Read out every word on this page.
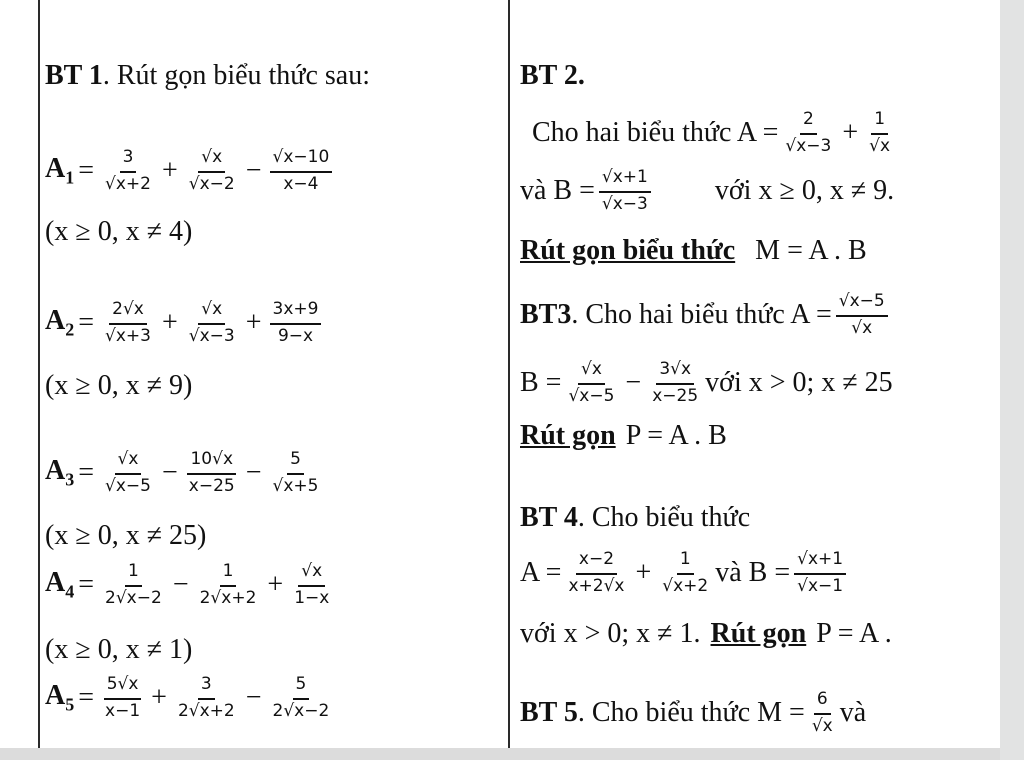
BT 1 . Rút gọn biểu thức sau:
$A_1 = \frac{3}{√x+2} + \frac{√x}{√x-2} - \frac{√x-10}{x-4}$
(x ≥ 0, x ≠ 4)
$A_2 = \frac{2√x}{√x+3} + \frac{√x}{√x-3} + \frac{3x+9}{9-x}$
(x ≥ 0, x ≠ 9)
$A_3 = \frac{√x}{√x-5} - \frac{10√x}{x-25} - \frac{5}{√x+5}$
(x ≥ 0, x ≠ 25)
$A_4 = \frac{1}{2√x-2} - \frac{1}{2√x+2} + \frac{√x}{1-x}$
(x ≥ 0, x ≠ 1)
$A_5 = \frac{5√x}{x-1} + \frac{3}{2√x+2} - \frac{5}{2√x-2}$
BT 2.
Cho hai biểu thức $A = \frac{2}{√x-3} + \frac{1}{√x}$
và $B = \frac{√x+1}{√x-3}$ với x ≥ 0, x ≠ 9.
Rút gọn biểu thức M = A . B
BT3 . Cho hai biểu thức $A = \frac{√x-5}{√x}$
$B = \frac{√x}{√x-5} - \frac{3√x}{x-25}$ với x > 0; x ≠ 25
Rút gọn P = A . B
BT 4 . Cho biểu thức
$A = \frac{x-2}{x+2√x} + \frac{1}{√x+2}$ và $B = \frac{√x+1}{√x-1}$
với x > 0; x ≠ 1. Rút gọn P = A .
BT 5 . Cho biểu thức $M = \frac{6}{√x}$ và
